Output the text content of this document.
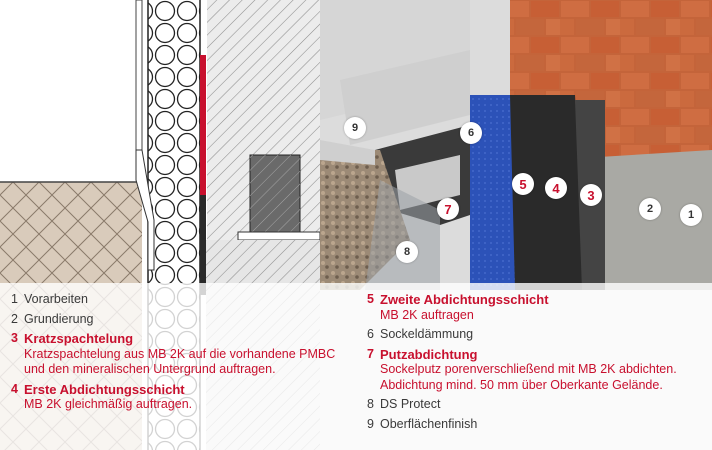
9	6
5 4 3
7	2	1
8
1 Vorarbeiten
2 Grundierung
3 Kratzspachtelung
Kratzspachtelung aus MB 2K auf die vorhandene PMBC und den mineralischen Untergrund auftragen.
4 Erste Abdichtungsschicht
MB 2K gleichmäßig auftragen.
5 Zweite Abdichtungsschicht
MB 2K auftragen
6 Sockeldämmung
7 Putzabdichtung
Sockelputz porenverschließend mit MB 2K abdichten. Abdichtung mind. 50 mm über Oberkante Gelände.
8 DS Protect
9 Oberflächenfinish
